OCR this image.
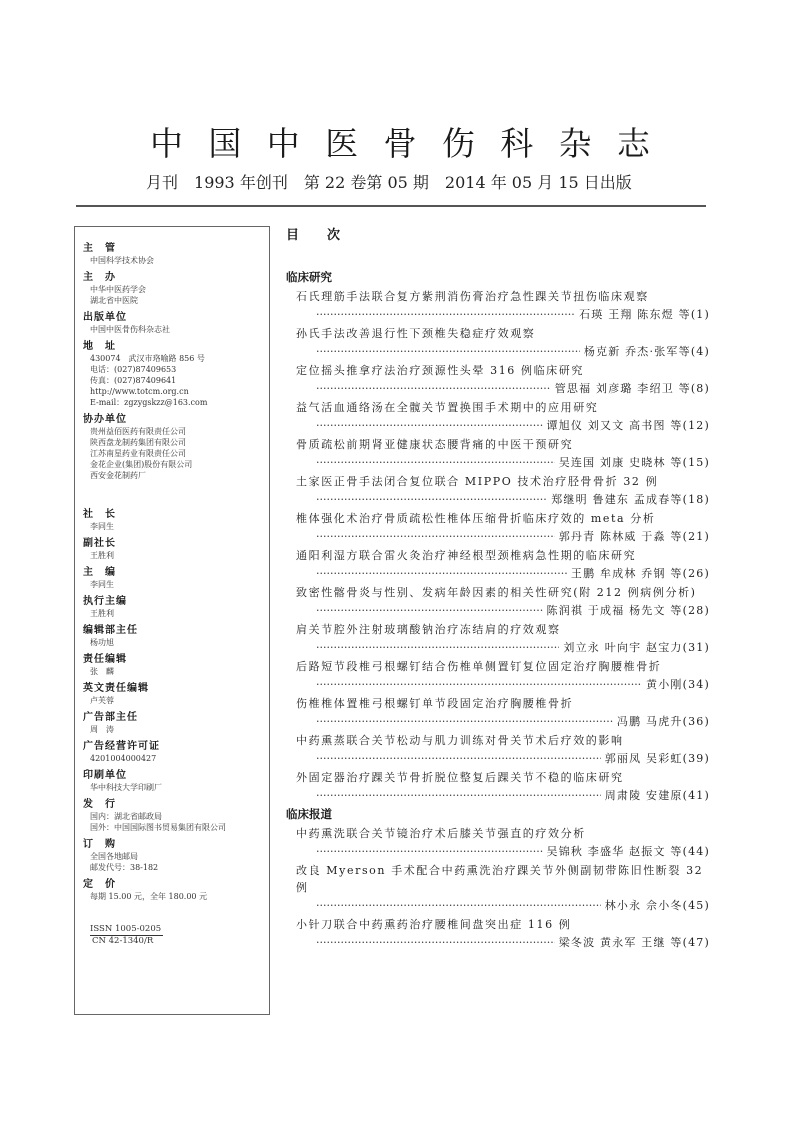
中 国 中 医 骨 伤 科 杂 志
月刊 1993 年创刊 第 22 卷第 05 期 2014 年 05 月 15 日出版
主　管
中国科学技术协会
主　办
中华中医药学会
湖北省中医院
出版单位
中国中医骨伤科杂志社
地　址
430074　武汉市珞喻路 856 号
电话：(027)87409653
传真：(027)87409641
http://www.totcm.org.cn
E-mail：zgzygskzz@163.com
协办单位
贵州益佰医药有限责任公司
陕西盘龙制药集团有限公司
江苏南星药业有限责任公司
金花企业(集团)股份有限公司
西安金花制药厂
社　长
李同生
副社长
王胜利
主　编
李同生
执行主编
王胜利
编辑部主任
杨功旭
责任编辑
张　麟
英文责任编辑
卢芙蓉
广告部主任
周　涛
广告经营许可证
4201004000427
印刷单位
华中科技大学印刷厂
发　行
国内：湖北省邮政局
国外：中国国际图书贸易集团有限公司
订　购
全国各地邮局
邮发代号：38-182
定　价
每期 15.00 元，全年 180.00 元
ISSN 1005-0205
CN 42-1340/R
目 次
临床研究
石氏理筋手法联合复方紫荆消伤膏治疗急性踝关节扭伤临床观察
·····
石瑛 王翔 陈东煜 等 (1)
孙氏手法改善退行性下颈椎失稳症疗效观察
·····
杨克新 乔杰·张军等 (4)
定位摇头推拿疗法治疗颈源性头晕 316 例临床研究
·····
管思福 刘彦璐 李绍卫 等 (8)
益气活血通络汤在全髋关节置换围手术期中的应用研究
·····
谭旭仪 刘又文 高书图 等 (12)
骨质疏松前期肾亚健康状态腰背痛的中医干预研究
·····
吴连国 刘康 史晓林 等 (15)
土家医正骨手法闭合复位联合 MIPPO 技术治疗胫骨骨折 32 例
·····
郑继明 鲁建东 孟成春等 (18)
椎体强化术治疗骨质疏松性椎体压缩骨折临床疗效的 meta 分析
·····
郭丹青 陈林威 于淼 等 (21)
通阳利湿方联合雷火灸治疗神经根型颈椎病急性期的临床研究
·····
王鹏 牟成林 乔钢 等 (26)
致密性髂骨炎与性别、发病年龄因素的相关性研究(附 212 例病例分析)
·····
陈润祺 于成福 杨先文 等 (28)
肩关节腔外注射玻璃酸钠治疗冻结肩的疗效观察
·····
刘立永 叶向宇 赵宝力 (31)
后路短节段椎弓根螺钉结合伤椎单侧置钉复位固定治疗胸腰椎骨折
·····
黄小刚 (34)
伤椎椎体置椎弓根螺钉单节段固定治疗胸腰椎骨折
·····
冯鹏 马虎升 (36)
中药熏蒸联合关节松动与肌力训练对骨关节术后疗效的影响
·····
郭丽凤 吴彩虹 (39)
外固定器治疗踝关节骨折脱位整复后踝关节不稳的临床研究
·····
周肃陵 安建原 (41)
临床报道
中药熏洗联合关节镜治疗术后膝关节强直的疗效分析
·····
吴锦秋 李盛华 赵振文 等 (44)
改良 Myerson 手术配合中药熏洗治疗踝关节外侧副韧带陈旧性断裂 32 例
·····
林小永 佘小冬 (45)
小针刀联合中药熏药治疗腰椎间盘突出症 116 例
·····
梁冬波 黄永军 王继 等 (47)
